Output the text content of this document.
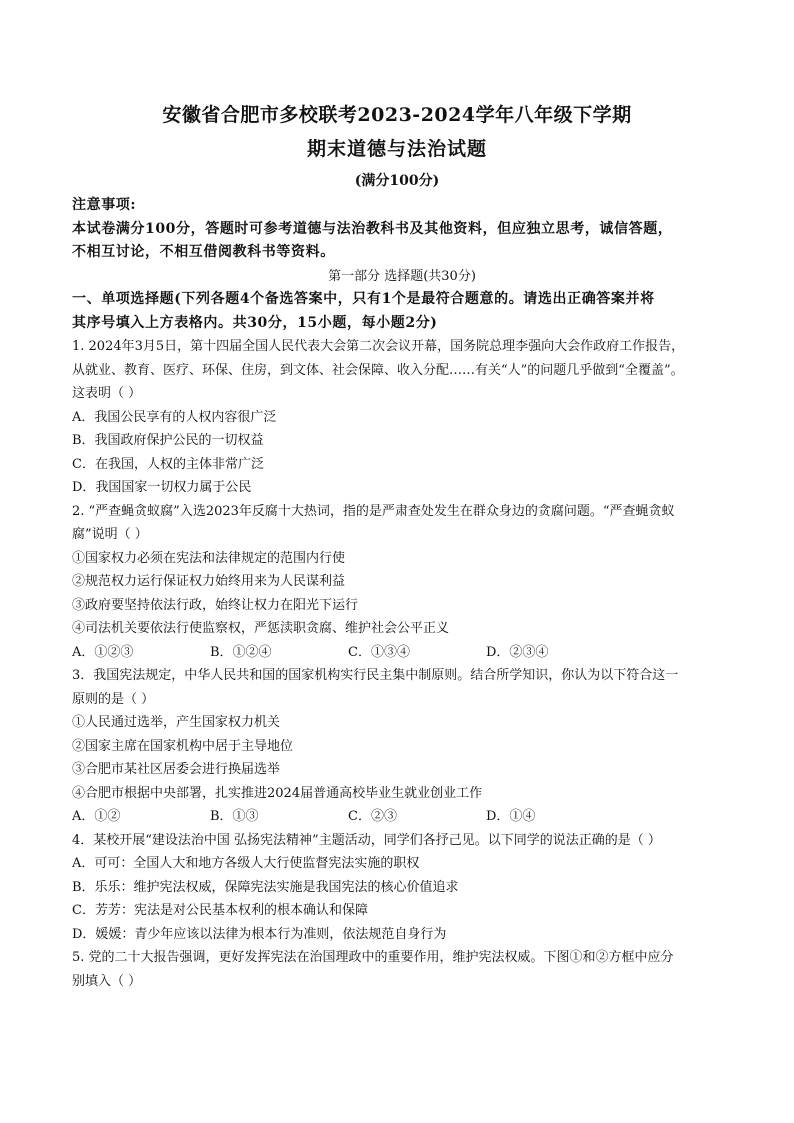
安徽省合肥市多校联考2023-2024学年八年级下学期
期末道德与法治试题
(满分100分)
注意事项:
本试卷满分100分，答题时可参考道德与法治教科书及其他资料，但应独立思考，诚信答题，
不相互讨论，不相互借阅教科书等资料。
第一部分 选择题(共30分)
一、单项选择题(下列各题4个备选答案中，只有1个是最符合题意的。请选出正确答案并将
其序号填入上方表格内。共30分，15小题，每小题2分)
1. 2024年3月5日，第十四届全国人民代表大会第二次会议开幕，国务院总理李强向大会作政府工作报告，
从就业、教育、医疗、环保、住房，到文体、社会保障、收入分配……有关“人”的问题几乎做到“全覆盖”。
这表明（ ）
A．我国公民享有的人权内容很广泛
B．我国政府保护公民的一切权益
C．在我国，人权的主体非常广泛
D．我国国家一切权力属于公民
2. “严查蝇贪蚁腐”入选2023年反腐十大热词，指的是严肃查处发生在群众身边的贪腐问题。“严查蝇贪蚁
腐”说明（ ）
①国家权力必须在宪法和法律规定的范围内行使
②规范权力运行保证权力始终用来为人民谋利益
③政府要坚持依法行政，始终让权力在阳光下运行
④司法机关要依法行使监察权，严惩渎职贪腐、维护社会公平正义
A．①②③	B．①②④	C．①③④	D．②③④
3．我国宪法规定，中华人民共和国的国家机构实行民主集中制原则。结合所学知识，你认为以下符合这一
原则的是（ ）
①人民通过选举，产生国家权力机关
②国家主席在国家机构中居于主导地位
③合肥市某社区居委会进行换届选举
④合肥市根据中央部署，扎实推进2024届普通高校毕业生就业创业工作
A．①②	B．①③	C．②③	D．①④
4．某校开展“建设法治中国 弘扬宪法精神”主题活动，同学们各抒己见。以下同学的说法正确的是（ ）
A．可可：全国人大和地方各级人大行使监督宪法实施的职权
B．乐乐：维护宪法权威，保障宪法实施是我国宪法的核心价值追求
C．芳芳：宪法是对公民基本权利的根本确认和保障
D．媛媛：青少年应该以法律为根本行为准则，依法规范自身行为
5. 党的二十大报告强调，更好发挥宪法在治国理政中的重要作用，维护宪法权威。下图①和②方框中应分
别填入（ ）
